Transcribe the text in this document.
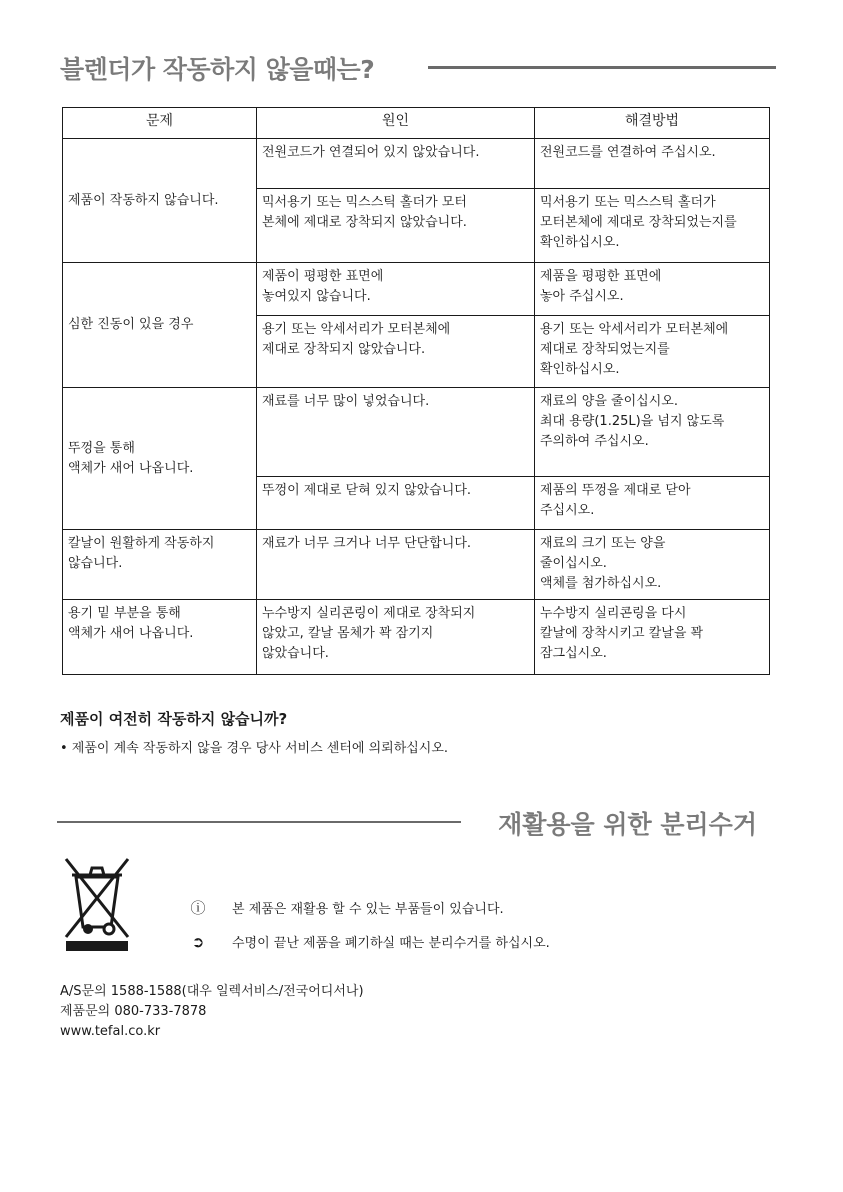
블렌더가 작동하지 않을때는?
문제	원인	해결방법

제품이 작동하지 않습니다.	전원코드가 연결되어 있지 않았습니다.	전원코드를 연결하여 주십시오.

	믹서용기 또는 믹스스틱 홀더가 모터
본체에 제대로 장착되지 않았습니다.	믹서용기 또는 믹스스틱 홀더가
모터본체에 제대로 장착되었는지를
확인하십시오.

심한 진동이 있을 경우	제품이 평평한 표면에
놓여있지 않습니다.	제품을 평평한 표면에
놓아 주십시오.

	용기 또는 악세서리가 모터본체에
제대로 장착되지 않았습니다.	용기 또는 악세서리가 모터본체에
제대로 장착되었는지를
확인하십시오.

뚜껑을 통해
액체가 새어 나옵니다.	재료를 너무 많이 넣었습니다.	재료의 양을 줄이십시오.
최대 용량(1.25L)을 넘지 않도록
주의하여 주십시오.

	뚜껑이 제대로 닫혀 있지 않았습니다.	제품의 뚜껑을 제대로 닫아
주십시오.

칼날이 원활하게 작동하지
않습니다.	재료가 너무 크거나 너무 단단합니다.	재료의 크기 또는 양을
줄이십시오.
액체를 첨가하십시오.

용기 밑 부분을 통해
액체가 새어 나옵니다.	누수방지 실리콘링이 제대로 장착되지
않았고, 칼날 몸체가 꽉 잠기지
않았습니다.	누수방지 실리콘링을 다시
칼날에 장착시키고 칼날을 꽉
잠그십시오.
제품이 여전히 작동하지 않습니까?
• 제품이 계속 작동하지 않을 경우 당사 서비스 센터에 의뢰하십시오.
재활용을 위한 분리수거
ⓘ 본 제품은 재활용 할 수 있는 부품들이 있습니다.
➲ 수명이 끝난 제품을 폐기하실 때는 분리수거를 하십시오.
A/S문의 1588-1588(대우 일렉서비스/전국어디서나)
제품문의 080-733-7878
www.tefal.co.kr
